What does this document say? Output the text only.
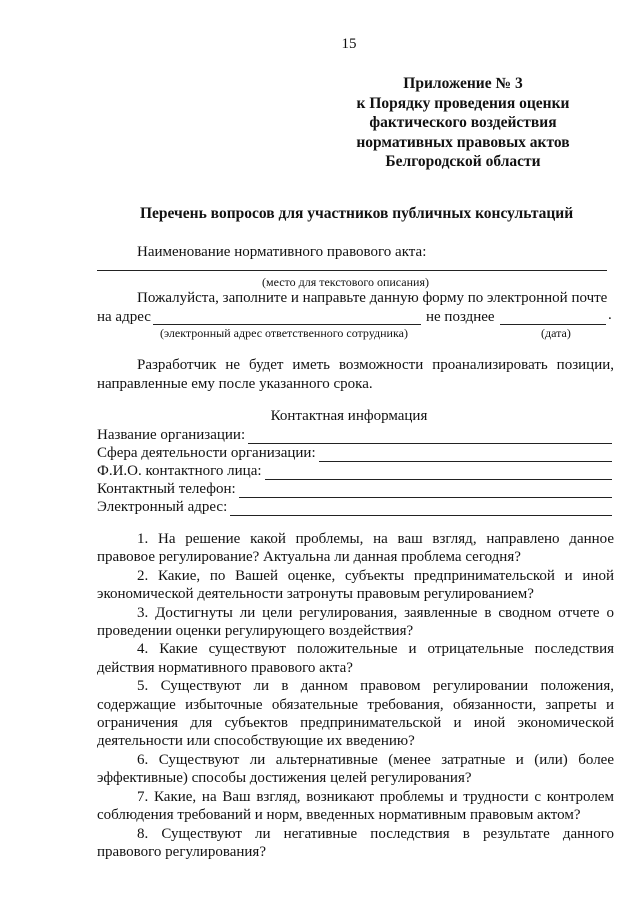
15
Приложение № 3
к Порядку проведения оценки
фактического воздействия
нормативных правовых актов
Белгородской области
Перечень вопросов для участников публичных консультаций
Наименование нормативного правового акта:
(место для текстового описания)
Пожалуйста, заполните и направьте данную форму по электронной почте
на адрес	не позднее	.
(электронный адрес ответственного сотрудника)	(дата)
Разработчик не будет иметь возможности проанализировать позиции, направленные ему после указанного срока.
Контактная информация
Название организации:
Сфера деятельности организации:
Ф.И.О. контактного лица:
Контактный телефон:
Электронный адрес:

1. На решение какой проблемы, на ваш взгляд, направлено данное правовое регулирование? Актуальна ли данная проблема сегодня?

2. Какие, по Вашей оценке, субъекты предпринимательской и иной экономической деятельности затронуты правовым регулированием?

3. Достигнуты ли цели регулирования, заявленные в сводном отчете о проведении оценки регулирующего воздействия?

4. Какие существуют положительные и отрицательные последствия действия нормативного правового акта?

5. Существуют ли в данном правовом регулировании положения, содержащие избыточные обязательные требования, обязанности, запреты и ограничения для субъектов предпринимательской и иной экономической деятельности или способствующие их введению?

6. Существуют ли альтернативные (менее затратные и (или) более эффективные) способы достижения целей регулирования?

7. Какие, на Ваш взгляд, возникают проблемы и трудности с контролем соблюдения требований и норм, введенных нормативным правовым актом?

8. Существуют ли негативные последствия в результате данного правового регулирования?
